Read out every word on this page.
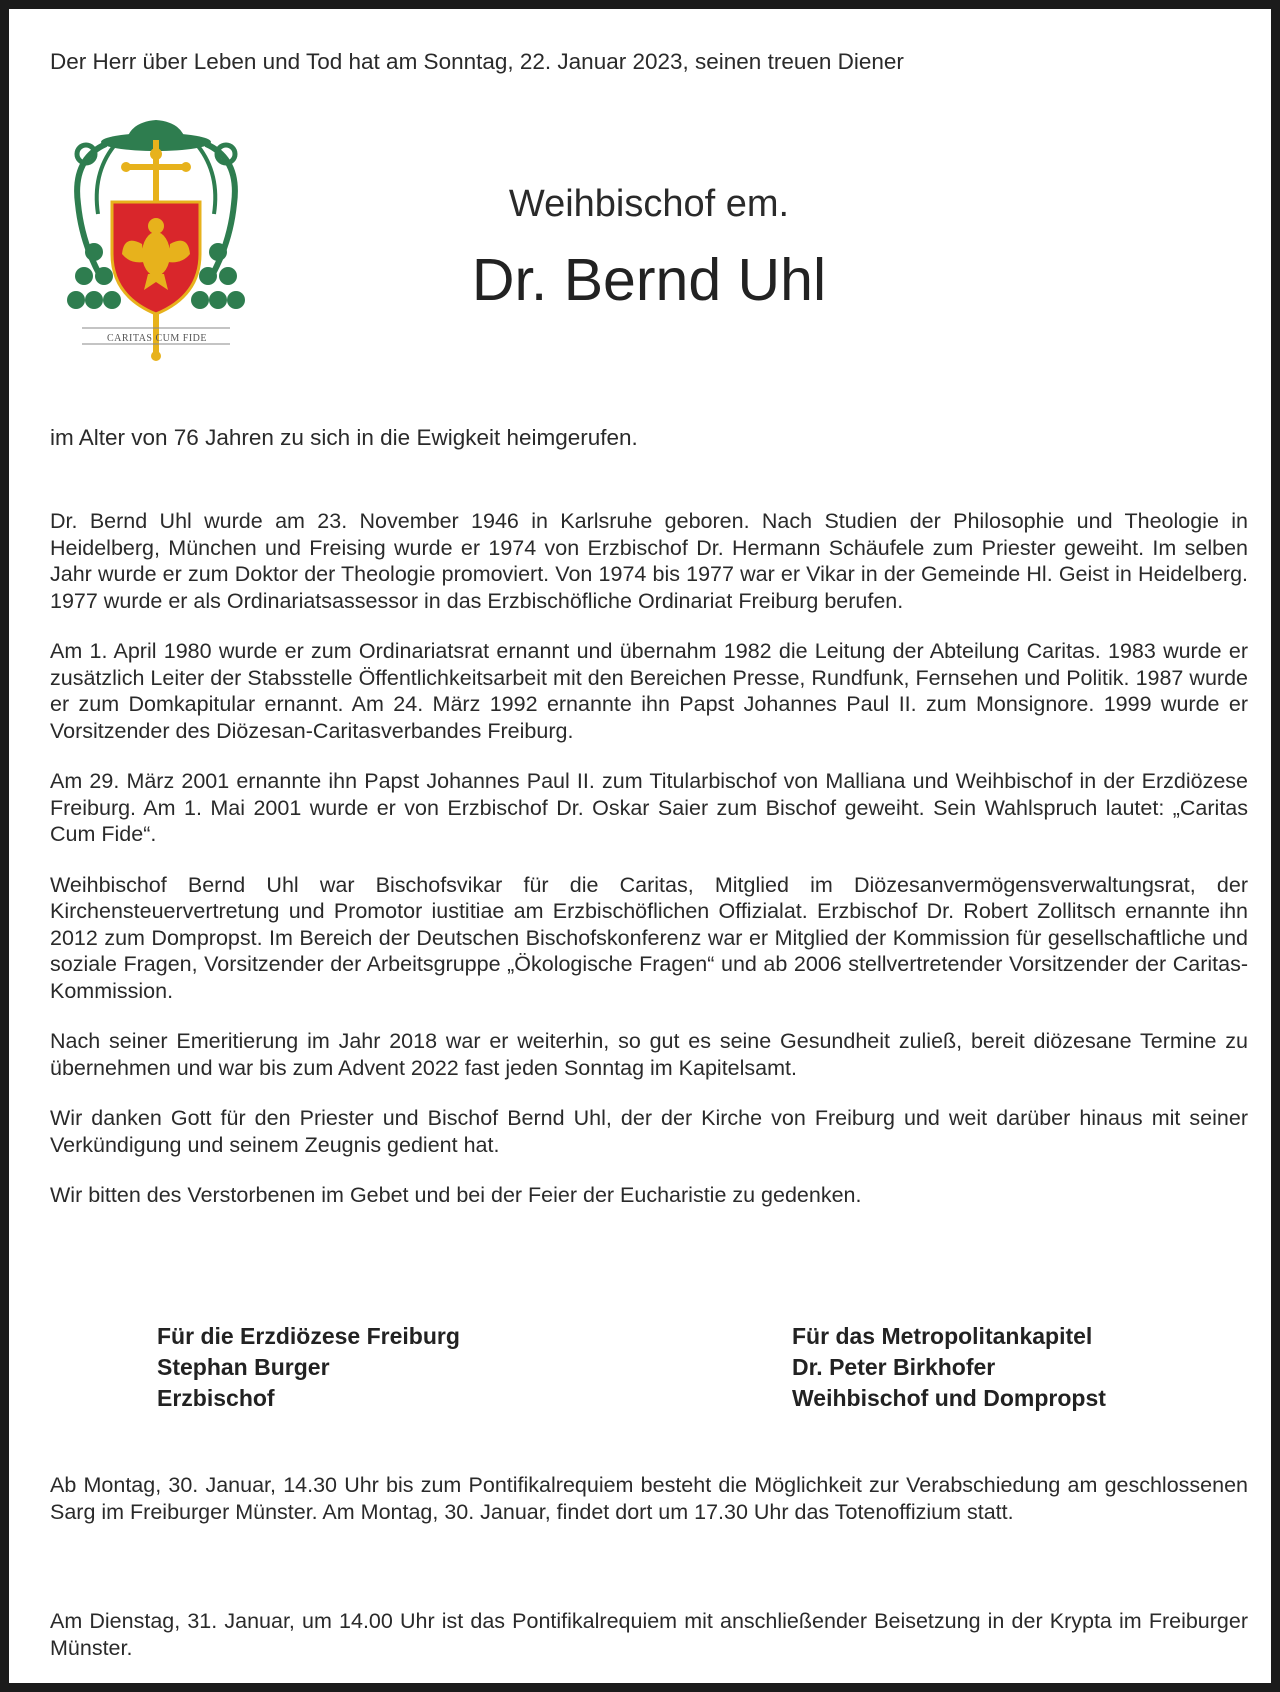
Der Herr über Leben und Tod hat am Sonntag, 22. Januar 2023, seinen treuen Diener
CARITAS CUM FIDE
Weihbischof em.
Dr. Bernd Uhl
im Alter von 76 Jahren zu sich in die Ewigkeit heimgerufen.

Dr. Bernd Uhl wurde am 23. November 1946 in Karlsruhe geboren. Nach Studien der Philosophie und Theologie in Heidelberg, München und Freising wurde er 1974 von Erzbischof Dr. Hermann Schäufele zum Priester geweiht. Im selben Jahr wurde er zum Doktor der Theologie promoviert. Von 1974 bis 1977 war er Vikar in der Gemeinde Hl. Geist in Heidelberg. 1977 wurde er als Ordinariatsassessor in das Erzbischöfliche Ordinariat Freiburg berufen.

Am 1. April 1980 wurde er zum Ordinariatsrat ernannt und übernahm 1982 die Leitung der Abteilung Caritas. 1983 wurde er zusätzlich Leiter der Stabsstelle Öffentlichkeitsarbeit mit den Bereichen Presse, Rundfunk, Fernsehen und Politik. 1987 wurde er zum Domkapitular ernannt. Am 24. März 1992 ernannte ihn Papst Johannes Paul II. zum Monsignore. 1999 wurde er Vorsitzender des Diözesan-Caritasverbandes Freiburg.

Am 29. März 2001 ernannte ihn Papst Johannes Paul II. zum Titularbischof von Malliana und Weihbischof in der Erzdiözese Freiburg. Am 1. Mai 2001 wurde er von Erzbischof Dr. Oskar Saier zum Bischof geweiht. Sein Wahlspruch lautet: „Caritas Cum Fide“.

Weihbischof Bernd Uhl war Bischofsvikar für die Caritas, Mitglied im Diözesanvermögensverwaltungsrat, der Kirchensteuervertretung und Promotor iustitiae am Erzbischöflichen Offizialat. Erzbischof Dr. Robert Zollitsch ernannte ihn 2012 zum Dompropst. Im Bereich der Deutschen Bischofskonferenz war er Mitglied der Kommission für gesellschaftliche und soziale Fragen, Vorsitzender der Arbeitsgruppe „Ökologische Fragen“ und ab 2006 stellvertretender Vorsitzender der Caritas-Kommission.

Nach seiner Emeritierung im Jahr 2018 war er weiterhin, so gut es seine Gesundheit zuließ, bereit diözesane Termine zu übernehmen und war bis zum Advent 2022 fast jeden Sonntag im Kapitelsamt.

Wir danken Gott für den Priester und Bischof Bernd Uhl, der der Kirche von Freiburg und weit darüber hinaus mit seiner Verkündigung und seinem Zeugnis gedient hat.

Wir bitten des Verstorbenen im Gebet und bei der Feier der Eucharistie zu gedenken.

Für die Erzdiözese Freiburg
Stephan Burger
Erzbischof
Für das Metropolitankapitel
Dr. Peter Birkhofer
Weihbischof und Dompropst
Ab Montag, 30. Januar, 14.30 Uhr bis zum Pontifikalrequiem besteht die Möglichkeit zur Verabschiedung am geschlossenen Sarg im Freiburger Münster. Am Montag, 30. Januar, findet dort um 17.30 Uhr das Totenoffizium statt.
Am Dienstag, 31. Januar, um 14.00 Uhr ist das Pontifikalrequiem mit anschließender Beisetzung in der Krypta im Freiburger Münster.
